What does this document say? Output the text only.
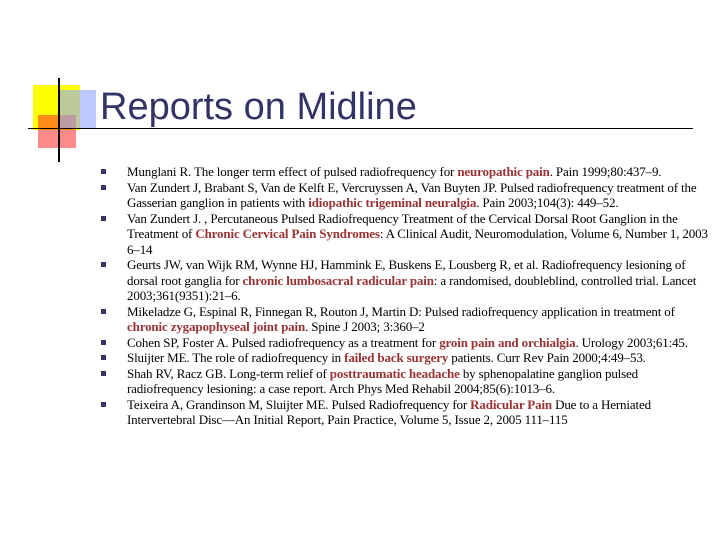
Reports on Midline
Munglani R. The longer term effect of pulsed radiofrequency for neuropathic pain. Pain 1999;80:437–9.
Van Zundert J, Brabant S, Van de Kelft E, Vercruyssen A, Van Buyten JP. Pulsed radiofrequency treatment of the Gasserian ganglion in patients with idiopathic trigeminal neuralgia. Pain 2003;104(3): 449–52.
Van Zundert J. , Percutaneous Pulsed Radiofrequency Treatment of the Cervical Dorsal Root Ganglion in the Treatment of Chronic Cervical Pain Syndromes: A Clinical Audit, Neuromodulation, Volume 6, Number 1, 2003 6–14
Geurts JW, van Wijk RM, Wynne HJ, Hammink E, Buskens E, Lousberg R, et al. Radiofrequency lesioning of dorsal root ganglia for chronic lumbosacral radicular pain: a randomised, doubleblind, controlled trial. Lancet 2003;361(9351):21–6.
Mikeladze G, Espinal R, Finnegan R, Routon J, Martin D: Pulsed radiofrequency application in treatment of chronic zygapophyseal joint pain. Spine J 2003; 3:360–2
Cohen SP, Foster A. Pulsed radiofrequency as a treatment for groin pain and orchialgia. Urology 2003;61:45.
Sluijter ME. The role of radiofrequency in failed back surgery patients. Curr Rev Pain 2000;4:49–53.
Shah RV, Racz GB. Long-term relief of posttraumatic headache by sphenopalatine ganglion pulsed radiofrequency lesioning: a case report. Arch Phys Med Rehabil 2004;85(6):1013–6.
Teixeira A, Grandinson M, Sluijter ME. Pulsed Radiofrequency for Radicular Pain Due to a Herniated Intervertebral Disc—An Initial Report, Pain Practice, Volume 5, Issue 2, 2005 111–115
